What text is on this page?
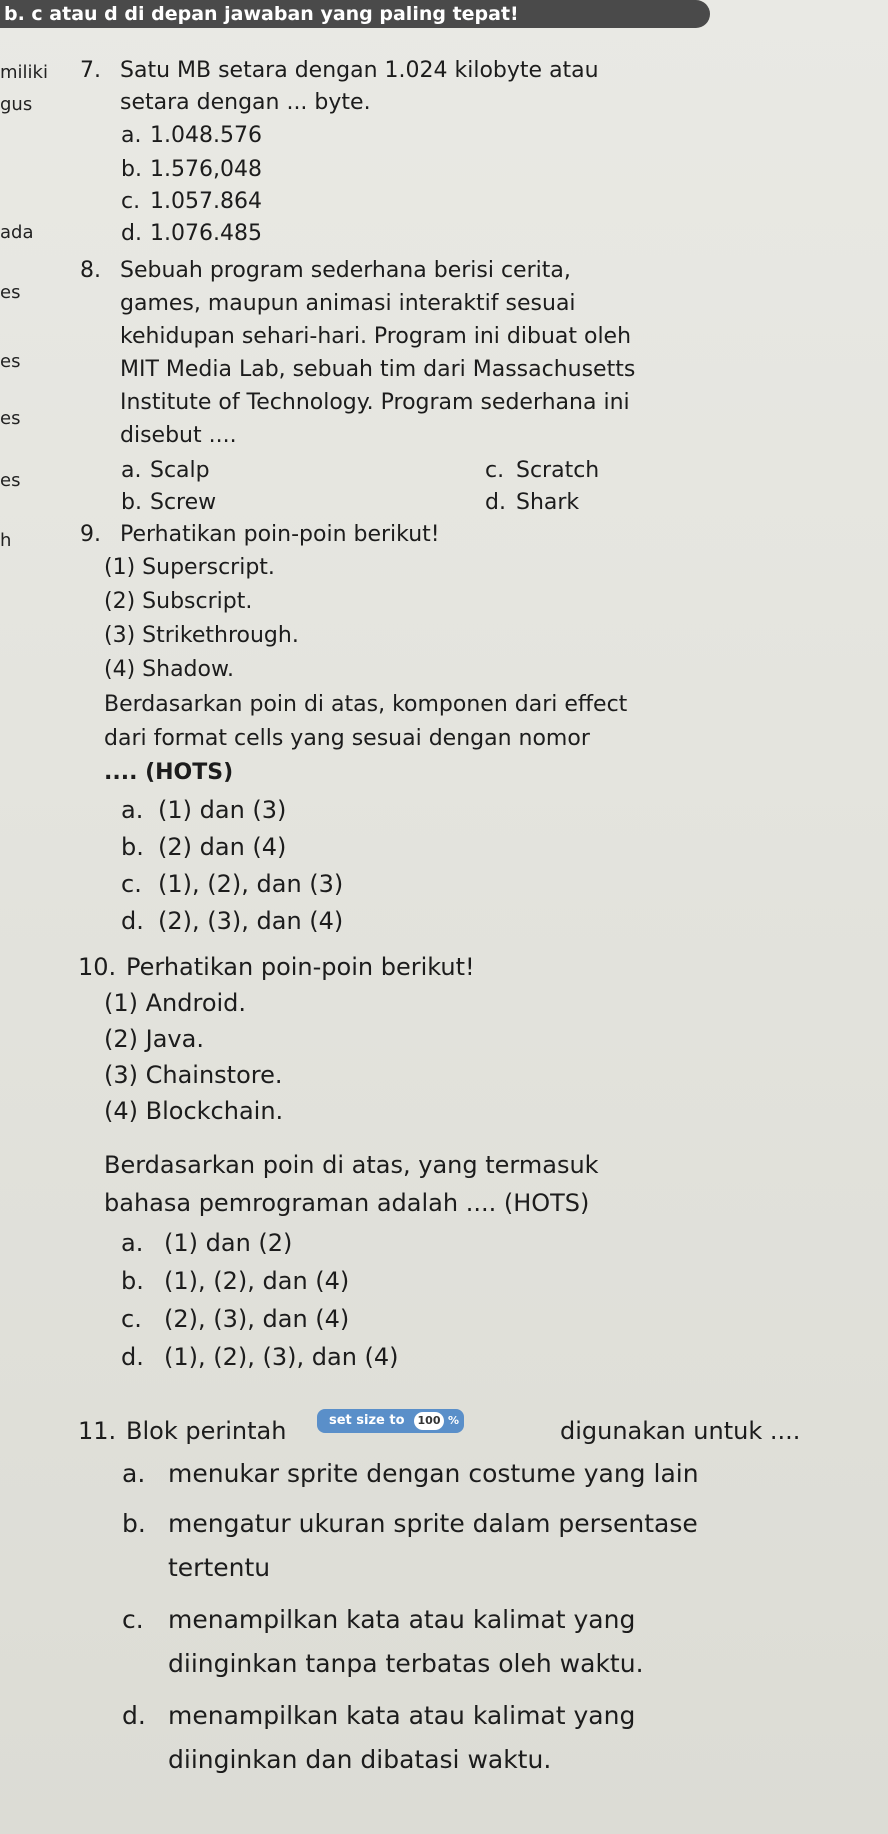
b. c atau d di depan jawaban yang paling tepat!
miliki
gus
ada
es
es
es
es
h
7. Satu MB setara dengan 1.024 kilobyte atau
setara dengan ... byte.
a. 1.048.576
b. 1.576,048
c. 1.057.864
d. 1.076.485
8. Sebuah program sederhana berisi cerita,
games, maupun animasi interaktif sesuai
kehidupan sehari-hari. Program ini dibuat oleh
MIT Media Lab, sebuah tim dari Massachusetts
Institute of Technology. Program sederhana ini
disebut ....
a. Scalp	c. Scratch
b. Screw	d. Shark
9. Perhatikan poin-poin berikut!
(1) Superscript.
(2) Subscript.
(3) Strikethrough.
(4) Shadow.
Berdasarkan poin di atas, komponen dari effect
dari format cells yang sesuai dengan nomor
.... (HOTS)
a. (1) dan (3)
b. (2) dan (4)
c. (1), (2), dan (3)
d. (2), (3), dan (4)
10. Perhatikan poin-poin berikut!
(1) Android.
(2) Java.
(3) Chainstore.
(4) Blockchain.
Berdasarkan poin di atas, yang termasuk
bahasa pemrograman adalah .... (HOTS)
a. (1) dan (2)
b. (1), (2), dan (4)
c. (2), (3), dan (4)
d. (1), (2), (3), dan (4)
11. Blok perintah	set size to	100 %	digunakan untuk ....
a. menukar sprite dengan costume yang lain
b. mengatur ukuran sprite dalam persentase
tertentu
c. menampilkan kata atau kalimat yang
diinginkan tanpa terbatas oleh waktu.
d. menampilkan kata atau kalimat yang
diinginkan dan dibatasi waktu.
